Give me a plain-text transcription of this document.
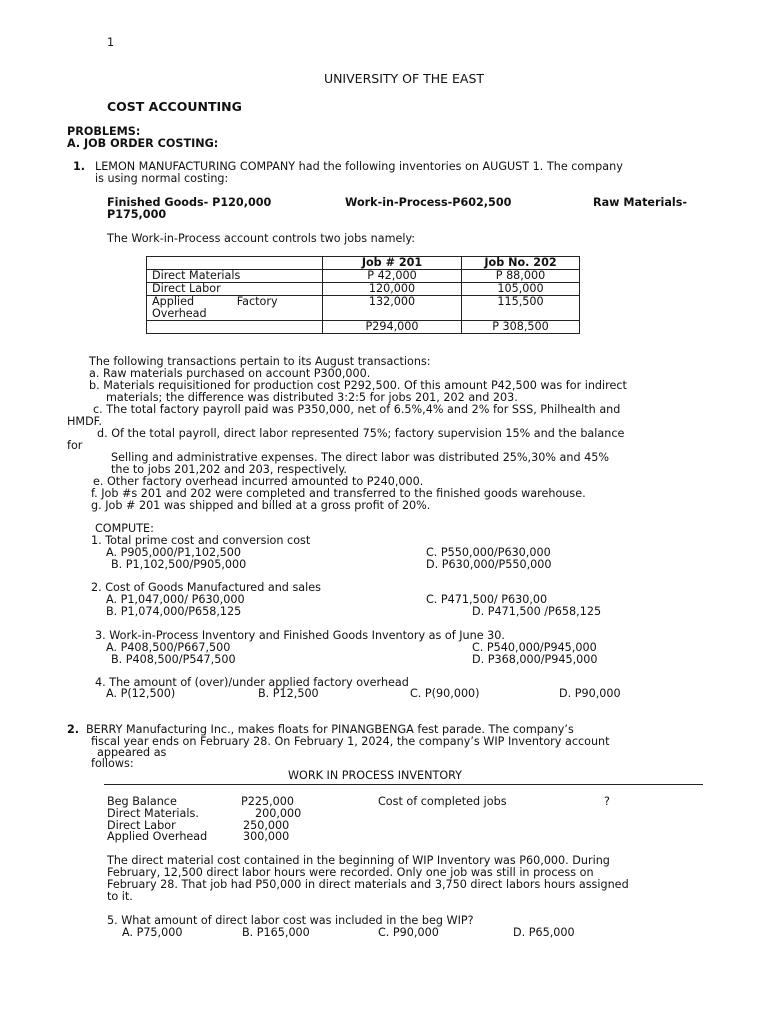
1
UNIVERSITY OF THE EAST
COST ACCOUNTING
PROBLEMS:
A. JOB ORDER COSTING:
1. LEMON MANUFACTURING COMPANY had the following inventories on AUGUST 1. The company
is using normal costing:
Finished Goods- P120,000	Work-in-Process-P602,500	Raw Materials-
P175,000
The Work-in-Process account controls two jobs namely:
	Job # 201	Job No. 202
Direct Materials	P 42,000	P 88,000
Direct Labor	120,000	105,000

Applied            Factory
Overhead	132,000	115,500
	P294,000	P 308,500
The following transactions pertain to its August transactions:
a. Raw materials purchased on account P300,000.
b. Materials requisitioned for production cost P292,500. Of this amount P42,500 was for indirect
materials; the difference was distributed 3:2:5 for jobs 201, 202 and 203.
c. The total factory payroll paid was P350,000, net of 6.5%,4% and 2% for SSS, Philhealth and
HMDF.
d. Of the total payroll, direct labor represented 75%; factory supervision 15% and the balance
for
Selling and administrative expenses. The direct labor was distributed 25%,30% and 45%
the to jobs 201,202 and 203, respectively.
e. Other factory overhead incurred amounted to P240,000.
f. Job #s 201 and 202 were completed and transferred to the finished goods warehouse.
g. Job # 201 was shipped and billed at a gross profit of 20%.
COMPUTE:
1. Total prime cost and conversion cost
A. P905,000/P1,102,500	C. P550,000/P630,000
B. P1,102,500/P905,000	D. P630,000/P550,000
2. Cost of Goods Manufactured and sales
A. P1,047,000/ P630,000	C. P471,500/ P630,00
B. P1,074,000/P658,125	D. P471,500 /P658,125
3. Work-in-Process Inventory and Finished Goods Inventory as of June 30.
A. P408,500/P667,500	C. P540,000/P945,000
B. P408,500/P547,500	D. P368,000/P945,000
4. The amount of (over)/under applied factory overhead
A. P(12,500)	B. P12,500	C. P(90,000)	D. P90,000
2. BERRY Manufacturing Inc., makes floats for PINANGBENGA fest parade. The company’s
fiscal year ends on February 28. On February 1, 2024, the company’s WIP Inventory account
appeared as
follows:
WORK IN PROCESS INVENTORY
Beg Balance	P225,000	Cost of completed jobs	?
Direct Materials.	200,000
Direct Labor	250,000
Applied Overhead	300,000
The direct material cost contained in the beginning of WIP Inventory was P60,000. During
February, 12,500 direct labor hours were recorded. Only one job was still in process on
February 28. That job had P50,000 in direct materials and 3,750 direct labors hours assigned
to it.
5. What amount of direct labor cost was included in the beg WIP?
A. P75,000	B. P165,000	C. P90,000	D. P65,000
